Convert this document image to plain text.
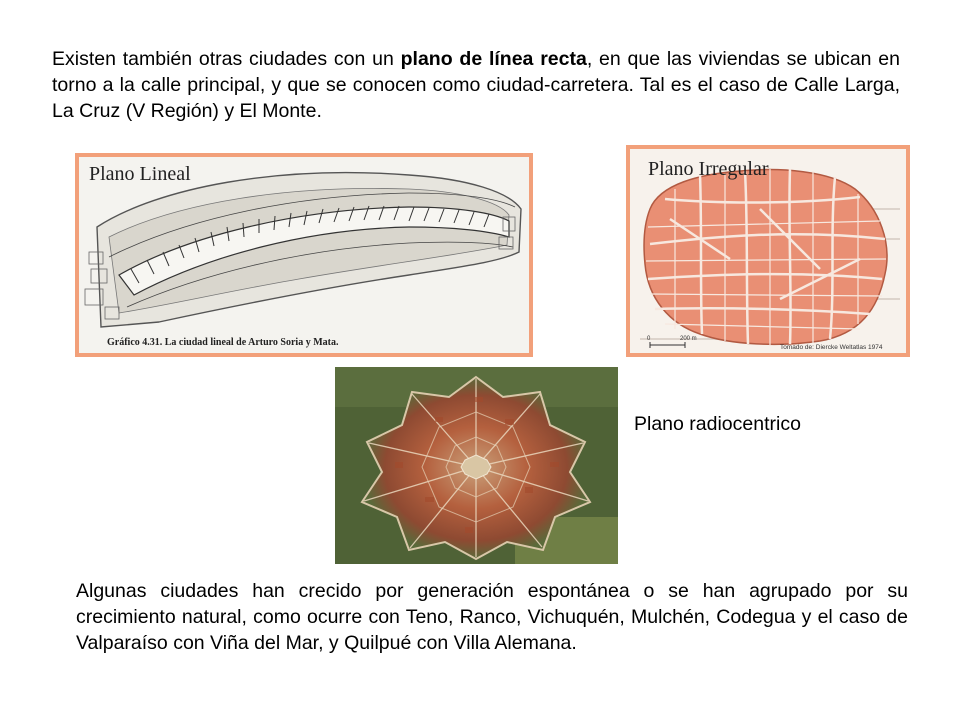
Existen también otras ciudades con un plano de línea recta, en que las viviendas se ubican en torno a la calle principal, y que se conocen como ciudad-carretera. Tal es el caso de Calle Larga, La Cruz (V Región) y El Monte.
Gráfico 4.31. La ciudad lineal de Arturo Soria y Mata.
Plano Lineal
0	200 m
Tomado de: Diercke Weltatlas 1974
Plano Irregular
Plano radiocentrico
Algunas ciudades han crecido por generación espontánea o se han agrupado por su crecimiento natural, como ocurre con Teno, Ranco, Vichuquén, Mulchén, Codegua y el caso de Valparaíso con Viña del Mar, y Quilpué con Villa Alemana.
